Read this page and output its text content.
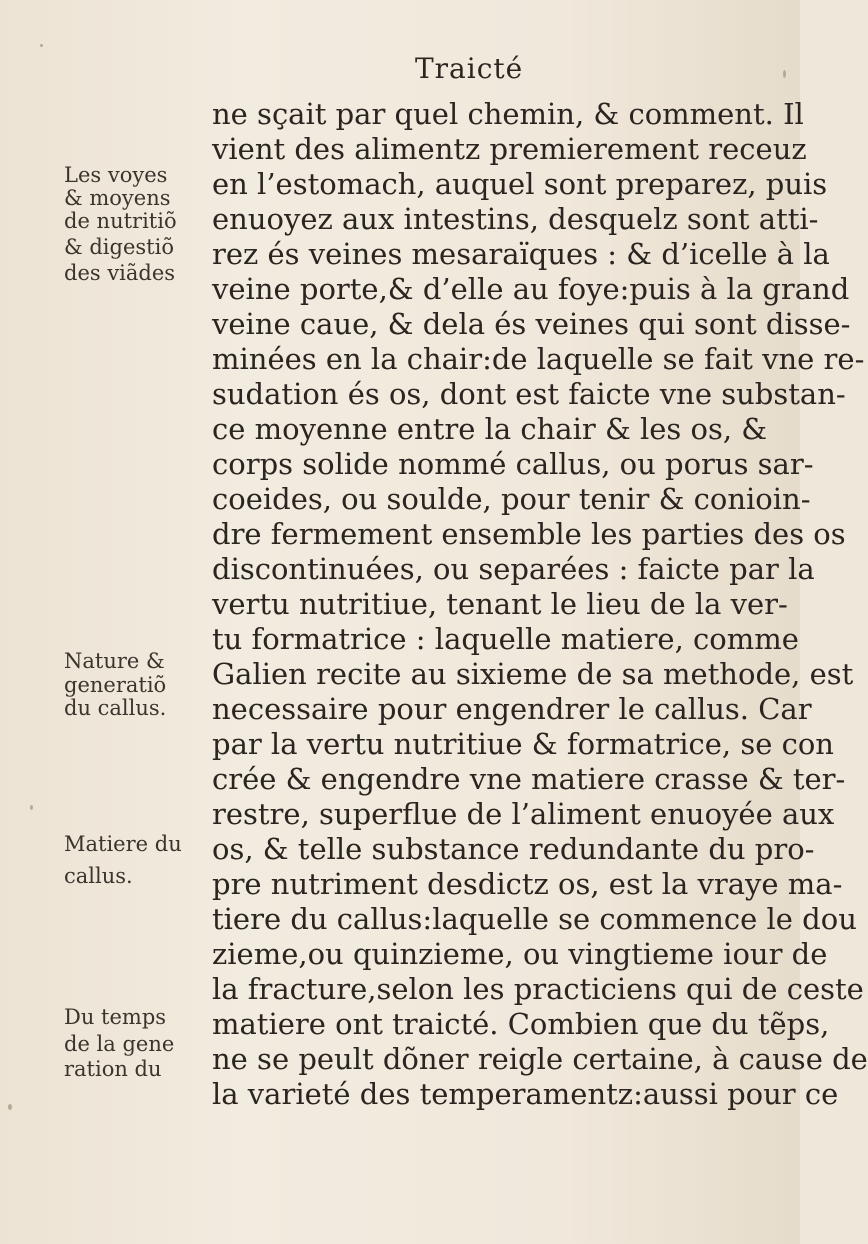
Traicté
ne sçait par quel chemin, & comment. Il
vient des alimentz premierement receuz
en l’estomach, auquel sont preparez, puis
enuoyez aux intestins, desquelz sont atti-
rez és veines mesaraïques : & d’icelle à la
veine porte,& d’elle au foye:puis à la grand
veine caue, & dela és veines qui sont disse-
minées en la chair:de laquelle se fait vne re-
sudation és os, dont est faicte vne substan-
ce moyenne entre la chair & les os, &
corps solide nommé callus, ou porus sar-
coeides, ou soulde, pour tenir & conioin-
dre fermement ensemble les parties des os
discontinuées, ou separées : faicte par la
vertu nutritiue, tenant le lieu de la ver-
tu formatrice : laquelle matiere, comme
Galien recite au sixieme de sa methode, est
necessaire pour engendrer le callus. Car
par la vertu nutritiue & formatrice, se con
crée & engendre vne matiere crasse & ter-
restre, superflue de l’aliment enuoyée aux
os, & telle substance redundante du pro-
pre nutriment desdictz os, est la vraye ma-
tiere du callus:laquelle se commence le dou
zieme,ou quinzieme, ou vingtieme iour de
la fracture,selon les practiciens qui de ceste
matiere ont traicté. Combien que du tẽps,
ne se peult dõner reigle certaine, à cause de
la varieté des temperamentz:aussi pour ce
Les voyes
& moyens
de nutritiõ
& digestiõ
des viãdes
Nature &
generatiõ
du callus.
Matiere du
callus.
Du temps
de la gene
ration du
